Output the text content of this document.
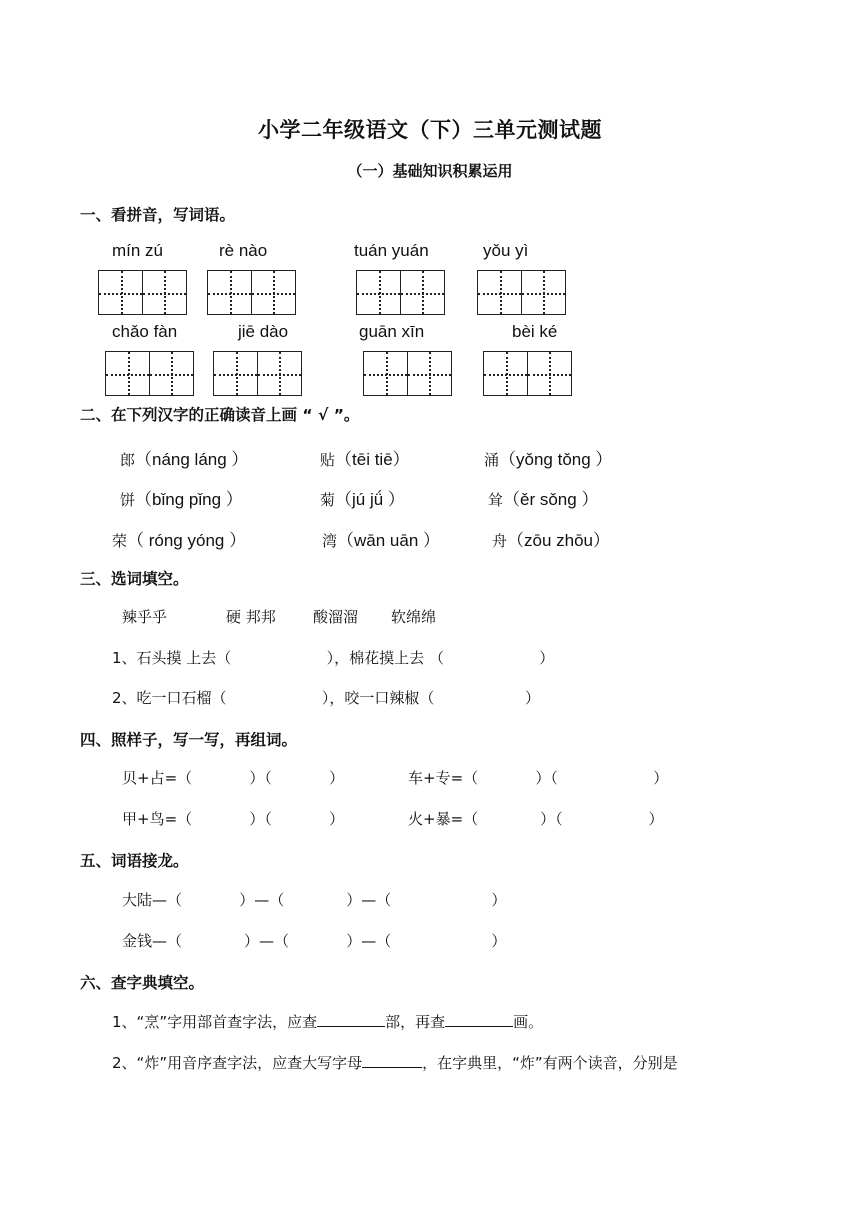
小学二年级语文（下）三单元测试题
（一）基础知识积累运用
一、看拼音，写词语。
mín zú	rè nào	tuán yuán	yǒu yì
chǎo fàn	jiē dào	guān xīn	bèi ké
二、在下列汉字的正确读音上画 “ √ ”。
郎（náng láng ）	贴（tēi tiē）	涌（yǒng tǒng ）
饼（bǐng pǐng ）	菊（jú jǘ ）	耸（ěr sǒng ）
荣（ róng yóng ）	湾（wān uān ）	舟（zōu zhōu）
三、选词填空。
辣乎乎	硬 邦邦 酸溜溜 软绵绵
1、石头摸 上去（                    ），棉花摸上去 （                    ）
2、吃一口石榴（                    ），咬一口辣椒（                   ）
四、照样子，写一写，再组词。
贝+占=（            ）（            ）	车+专=（            ）（                    ）
甲+鸟=（            ）（            ）	火+暴=（             ）（                  ）
五、词语接龙。
大陆—（            ）—（             ）—（                     ）
金钱—（             ）—（            ）—（                     ）
六、查字典填空。
1、“烹”字用部首查字法，应查	部，再查	画。
2、“炸”用音序查字法，应查大写字母	，在字典里，“炸”有两个读音，分别是
